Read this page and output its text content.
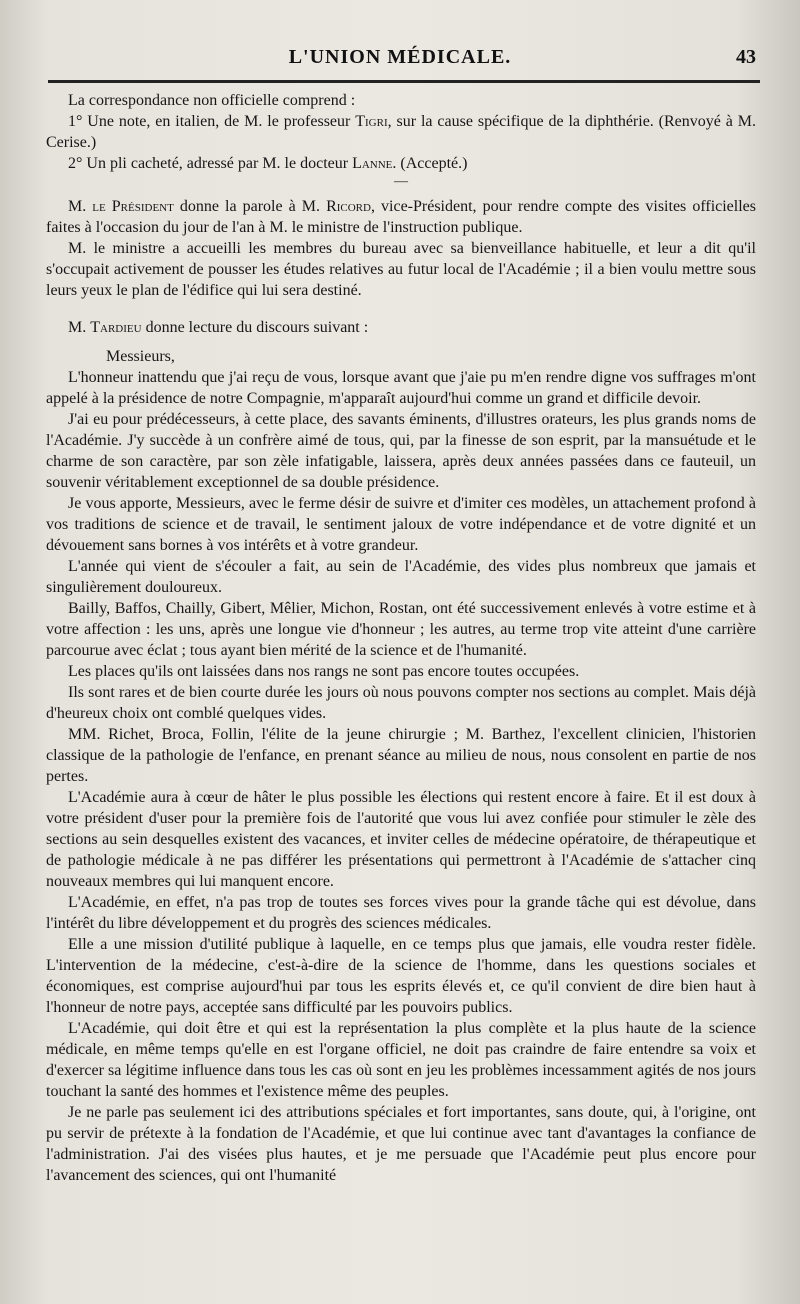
L'UNION MÉDICALE.	43

La correspondance non officielle comprend :

1° Une note, en italien, de M. le professeur Tigri, sur la cause spécifique de la diphthérie. (Renvoyé à M. Cerise.)

2° Un pli cacheté, adressé par M. le docteur Lanne. (Accepté.)

—

M. le Président donne la parole à M. Ricord, vice-Président, pour rendre compte des visites officielles faites à l'occasion du jour de l'an à M. le ministre de l'instruction publique.

M. le ministre a accueilli les membres du bureau avec sa bienveillance habituelle, et leur a dit qu'il s'occupait activement de pousser les études relatives au futur local de l'Académie ; il a bien voulu mettre sous leurs yeux le plan de l'édifice qui lui sera destiné.

M. Tardieu donne lecture du discours suivant :

Messieurs,

L'honneur inattendu que j'ai reçu de vous, lorsque avant que j'aie pu m'en rendre digne vos suffrages m'ont appelé à la présidence de notre Compagnie, m'apparaît aujourd'hui comme un grand et difficile devoir.

J'ai eu pour prédécesseurs, à cette place, des savants éminents, d'illustres orateurs, les plus grands noms de l'Académie. J'y succède à un confrère aimé de tous, qui, par la finesse de son esprit, par la mansuétude et le charme de son caractère, par son zèle infatigable, laissera, après deux années passées dans ce fauteuil, un souvenir véritablement exceptionnel de sa double présidence.

Je vous apporte, Messieurs, avec le ferme désir de suivre et d'imiter ces modèles, un attachement profond à vos traditions de science et de travail, le sentiment jaloux de votre indépendance et de votre dignité et un dévouement sans bornes à vos intérêts et à votre grandeur.

L'année qui vient de s'écouler a fait, au sein de l'Académie, des vides plus nombreux que jamais et singulièrement douloureux.

Bailly, Baffos, Chailly, Gibert, Mêlier, Michon, Rostan, ont été successivement enlevés à votre estime et à votre affection : les uns, après une longue vie d'honneur ; les autres, au terme trop vite atteint d'une carrière parcourue avec éclat ; tous ayant bien mérité de la science et de l'humanité.

Les places qu'ils ont laissées dans nos rangs ne sont pas encore toutes occupées.

Ils sont rares et de bien courte durée les jours où nous pouvons compter nos sections au complet. Mais déjà d'heureux choix ont comblé quelques vides.

MM. Richet, Broca, Follin, l'élite de la jeune chirurgie ; M. Barthez, l'excellent clinicien, l'historien classique de la pathologie de l'enfance, en prenant séance au milieu de nous, nous consolent en partie de nos pertes.

L'Académie aura à cœur de hâter le plus possible les élections qui restent encore à faire. Et il est doux à votre président d'user pour la première fois de l'autorité que vous lui avez confiée pour stimuler le zèle des sections au sein desquelles existent des vacances, et inviter celles de médecine opératoire, de thérapeutique et de pathologie médicale à ne pas différer les présentations qui permettront à l'Académie de s'attacher cinq nouveaux membres qui lui manquent encore.

L'Académie, en effet, n'a pas trop de toutes ses forces vives pour la grande tâche qui est dévolue, dans l'intérêt du libre développement et du progrès des sciences médicales.

Elle a une mission d'utilité publique à laquelle, en ce temps plus que jamais, elle voudra rester fidèle. L'intervention de la médecine, c'est-à-dire de la science de l'homme, dans les questions sociales et économiques, est comprise aujourd'hui par tous les esprits élevés et, ce qu'il convient de dire bien haut à l'honneur de notre pays, acceptée sans difficulté par les pouvoirs publics.

L'Académie, qui doit être et qui est la représentation la plus complète et la plus haute de la science médicale, en même temps qu'elle en est l'organe officiel, ne doit pas craindre de faire entendre sa voix et d'exercer sa légitime influence dans tous les cas où sont en jeu les problèmes incessamment agités de nos jours touchant la santé des hommes et l'existence même des peuples.

Je ne parle pas seulement ici des attributions spéciales et fort importantes, sans doute, qui, à l'origine, ont pu servir de prétexte à la fondation de l'Académie, et que lui continue avec tant d'avantages la confiance de l'administration. J'ai des visées plus hautes, et je me persuade que l'Académie peut plus encore pour l'avancement des sciences, qui ont l'humanité
